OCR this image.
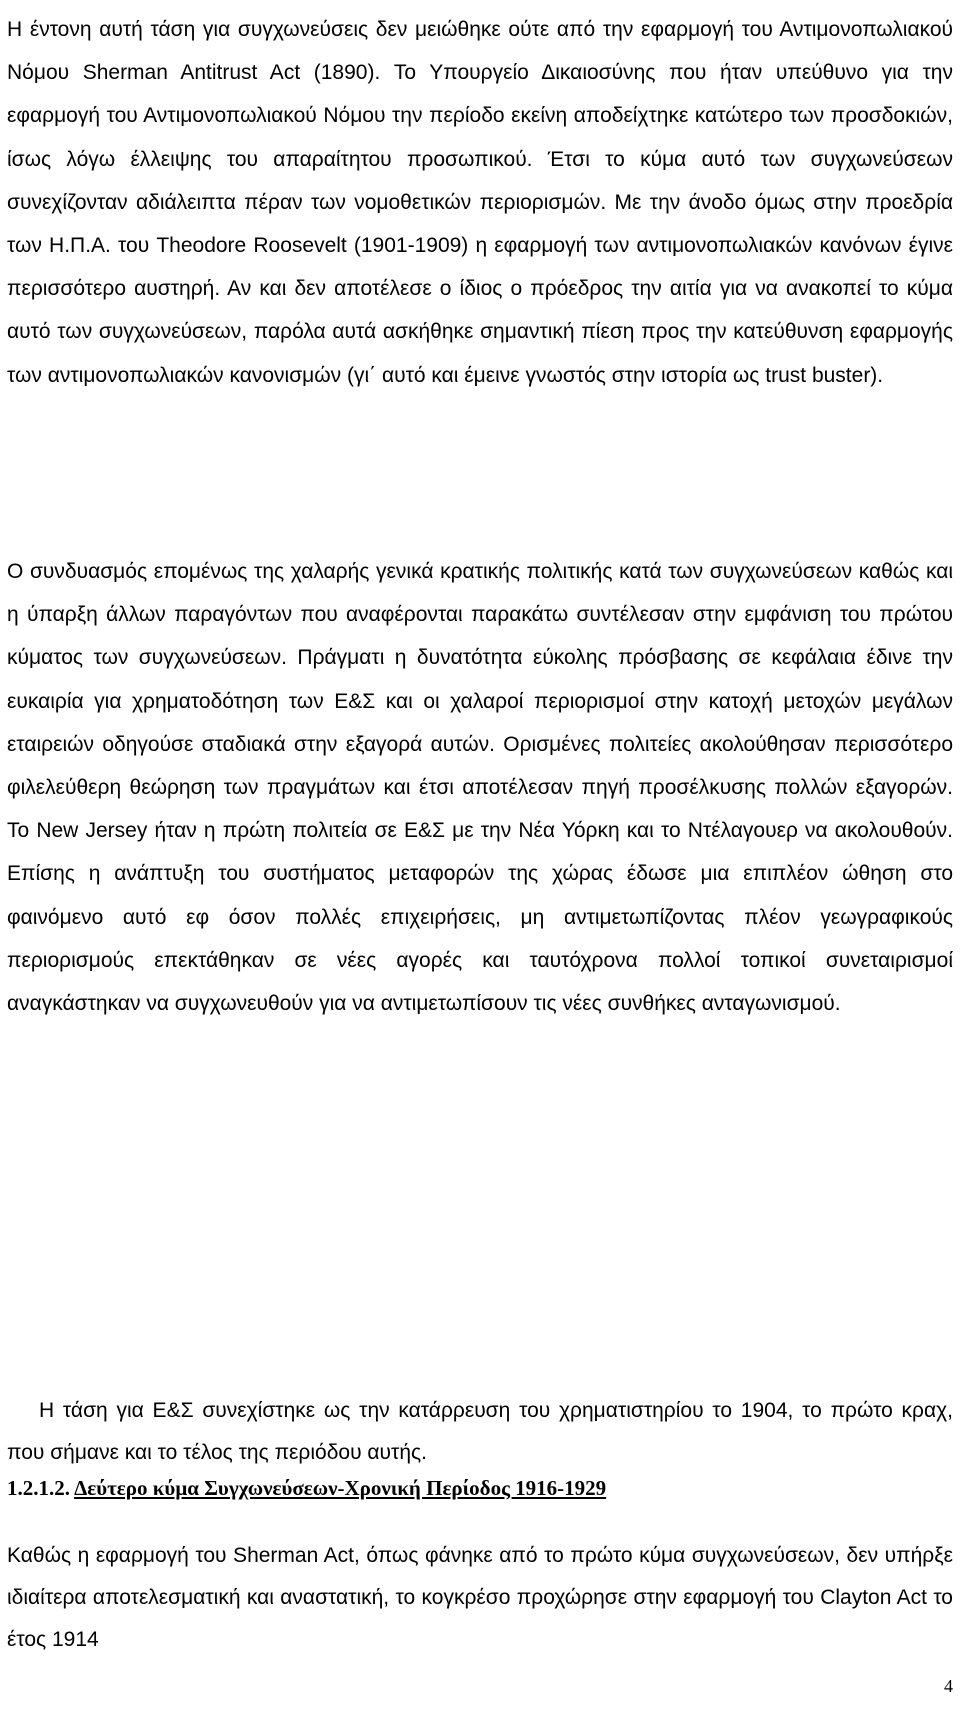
Η έντονη αυτή τάση για συγχωνεύσεις δεν μειώθηκε ούτε από την εφαρμογή του Αντιμονοπωλιακού Νόμου Sherman Antitrust Act (1890). Το Υπουργείο Δικαιοσύνης που ήταν υπεύθυνο για την εφαρμογή του Αντιμονοπωλιακού Νόμου την περίοδο εκείνη αποδείχτηκε κατώτερο των προσδοκιών, ίσως λόγω έλλειψης του απαραίτητου προσωπικού. Έτσι το κύμα αυτό των συγχωνεύσεων συνεχίζονταν αδιάλειπτα πέραν των νομοθετικών περιορισμών. Με την άνοδο όμως στην προεδρία των Η.Π.Α. του Theodore Roosevelt (1901-1909) η εφαρμογή των αντιμονοπωλιακών κανόνων έγινε περισσότερο αυστηρή. Αν και δεν αποτέλεσε ο ίδιος ο πρόεδρος την αιτία για να ανακοπεί το κύμα αυτό των συγχωνεύσεων, παρόλα αυτά ασκήθηκε σημαντική πίεση προς την κατεύθυνση εφαρμογής των αντιμονοπωλιακών κανονισμών (γι΄ αυτό και έμεινε γνωστός στην ιστορία ως trust buster).

Ο συνδυασμός επομένως της χαλαρής γενικά κρατικής πολιτικής κατά των συγχωνεύσεων καθώς και η ύπαρξη άλλων παραγόντων που αναφέρονται παρακάτω συντέλεσαν στην εμφάνιση του πρώτου κύματος των συγχωνεύσεων. Πράγματι η δυνατότητα εύκολης πρόσβασης σε κεφάλαια έδινε την ευκαιρία για χρηματοδότηση των Ε&Σ και οι χαλαροί περιορισμοί στην κατοχή μετοχών μεγάλων εταιρειών οδηγούσε σταδιακά στην εξαγορά αυτών. Ορισμένες πολιτείες ακολούθησαν περισσότερο φιλελεύθερη θεώρηση των πραγμάτων και έτσι αποτέλεσαν πηγή προσέλκυσης πολλών εξαγορών. Το New Jersey ήταν η πρώτη πολιτεία σε Ε&Σ με την Νέα Υόρκη και το Ντέλαγουερ να ακολουθούν. Επίσης η ανάπτυξη του συστήματος μεταφορών της χώρας έδωσε μια επιπλέον ώθηση στο φαινόμενο αυτό εφ όσον πολλές επιχειρήσεις, μη αντιμετωπίζοντας πλέον γεωγραφικούς περιορισμούς επεκτάθηκαν σε νέες αγορές και ταυτόχρονα πολλοί τοπικοί συνεταιρισμοί αναγκάστηκαν να συγχωνευθούν για να αντιμετωπίσουν τις νέες συνθήκες ανταγωνισμού.

Η τάση για Ε&Σ συνεχίστηκε ως την κατάρρευση του χρηματιστηρίου το 1904, το πρώτο κραχ, που σήμανε και το τέλος της περιόδου αυτής.

1.2.1.2. Δεύτερο κύμα Συγχωνεύσεων-Χρονική Περίοδος 1916-1929

Καθώς η εφαρμογή του Sherman Act, όπως φάνηκε από το πρώτο κύμα συγχωνεύσεων, δεν υπήρξε ιδιαίτερα αποτελεσματική και αναστατική, το κογκρέσο προχώρησε στην εφαρμογή του Clayton Act το έτος 1914

4
